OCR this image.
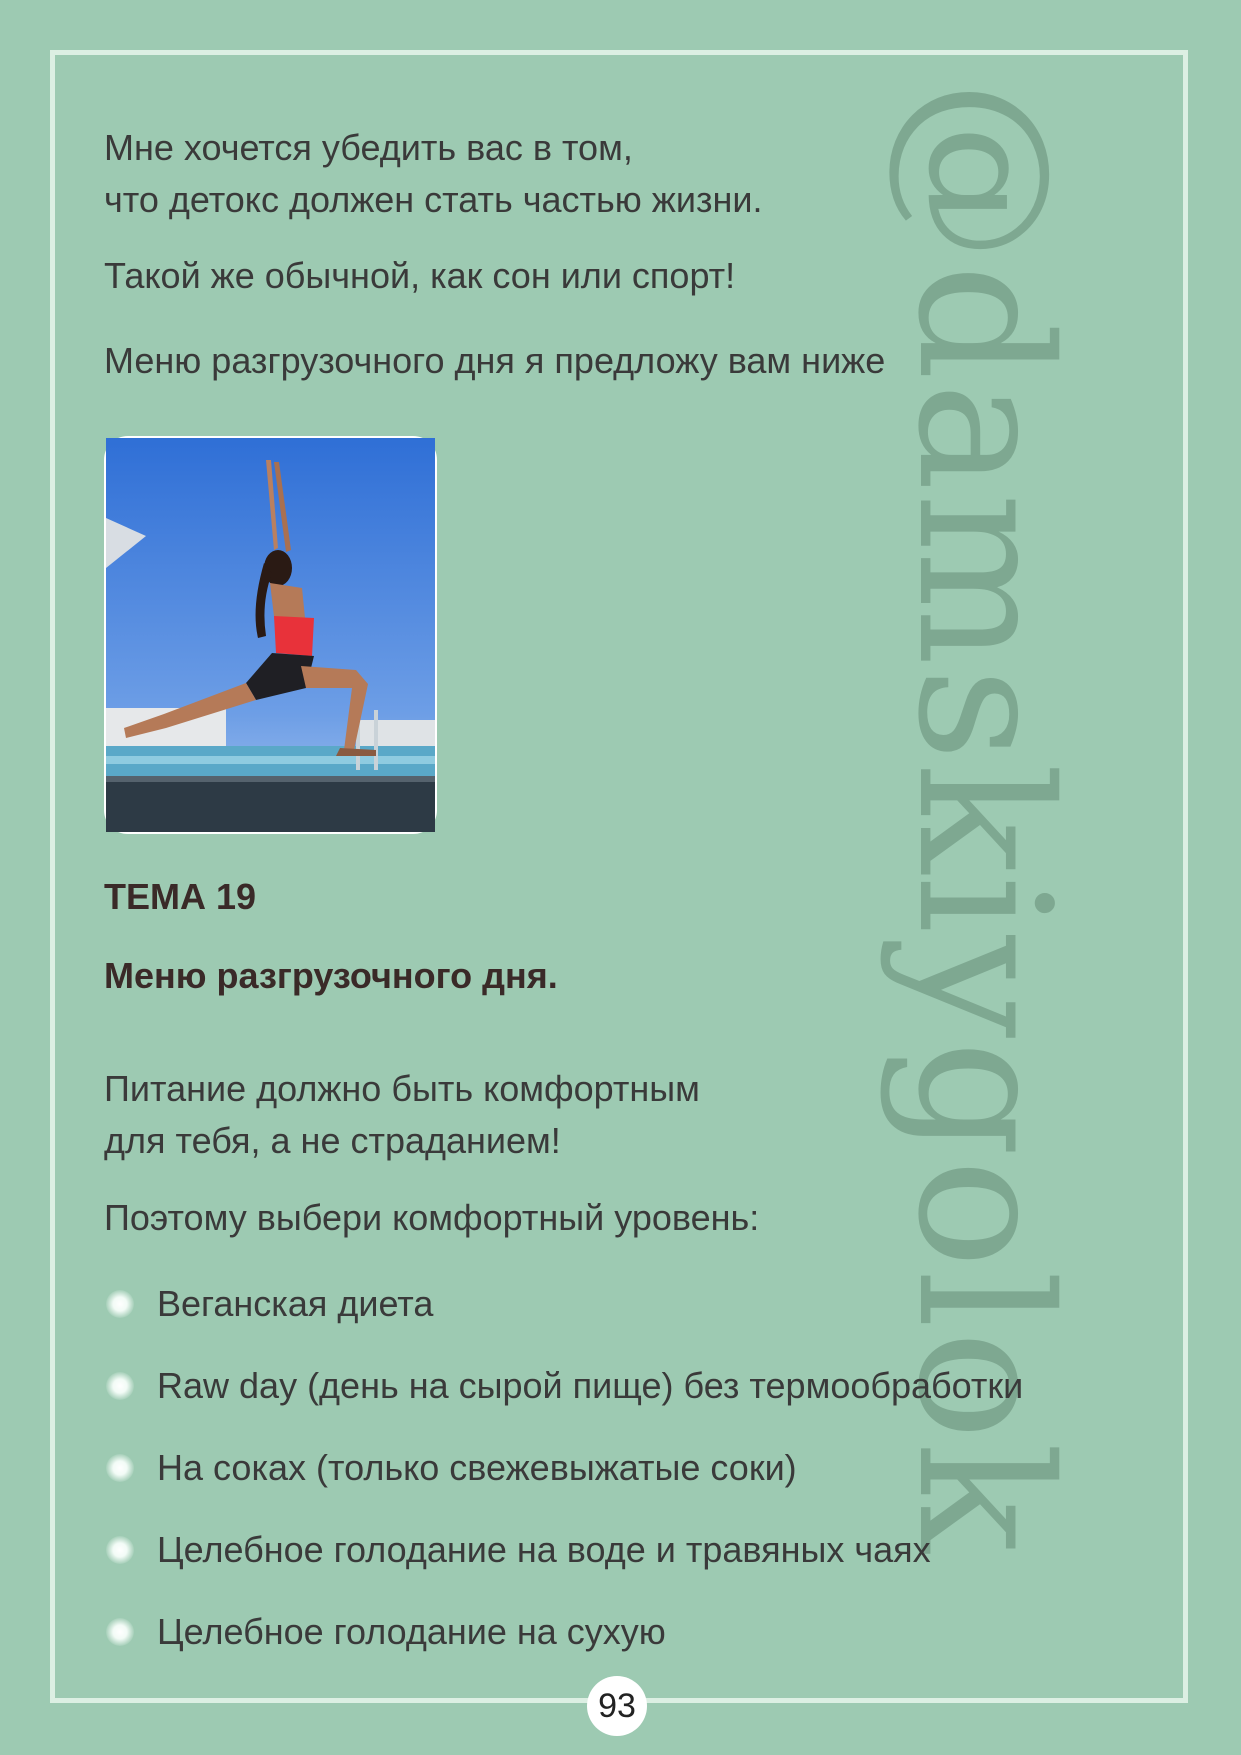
@damskiygolok

Мне хочется убедить вас в том,

что детокс должен стать частью жизни.

Такой же обычной, как сон или спорт!

Меню разгрузочного дня я предложу вам ниже

ТЕМА 19

Меню разгрузочного дня.

Питание должно быть комфортным

для тебя, а не страданием!

Поэтому выбери комфортный уровень:

Веганская диета
Raw day (день на сырой пище) без термообработки
На соках (только свежевыжатые соки)
Целебное голодание на воде и травяных чаях
Целебное голодание на сухую
93
